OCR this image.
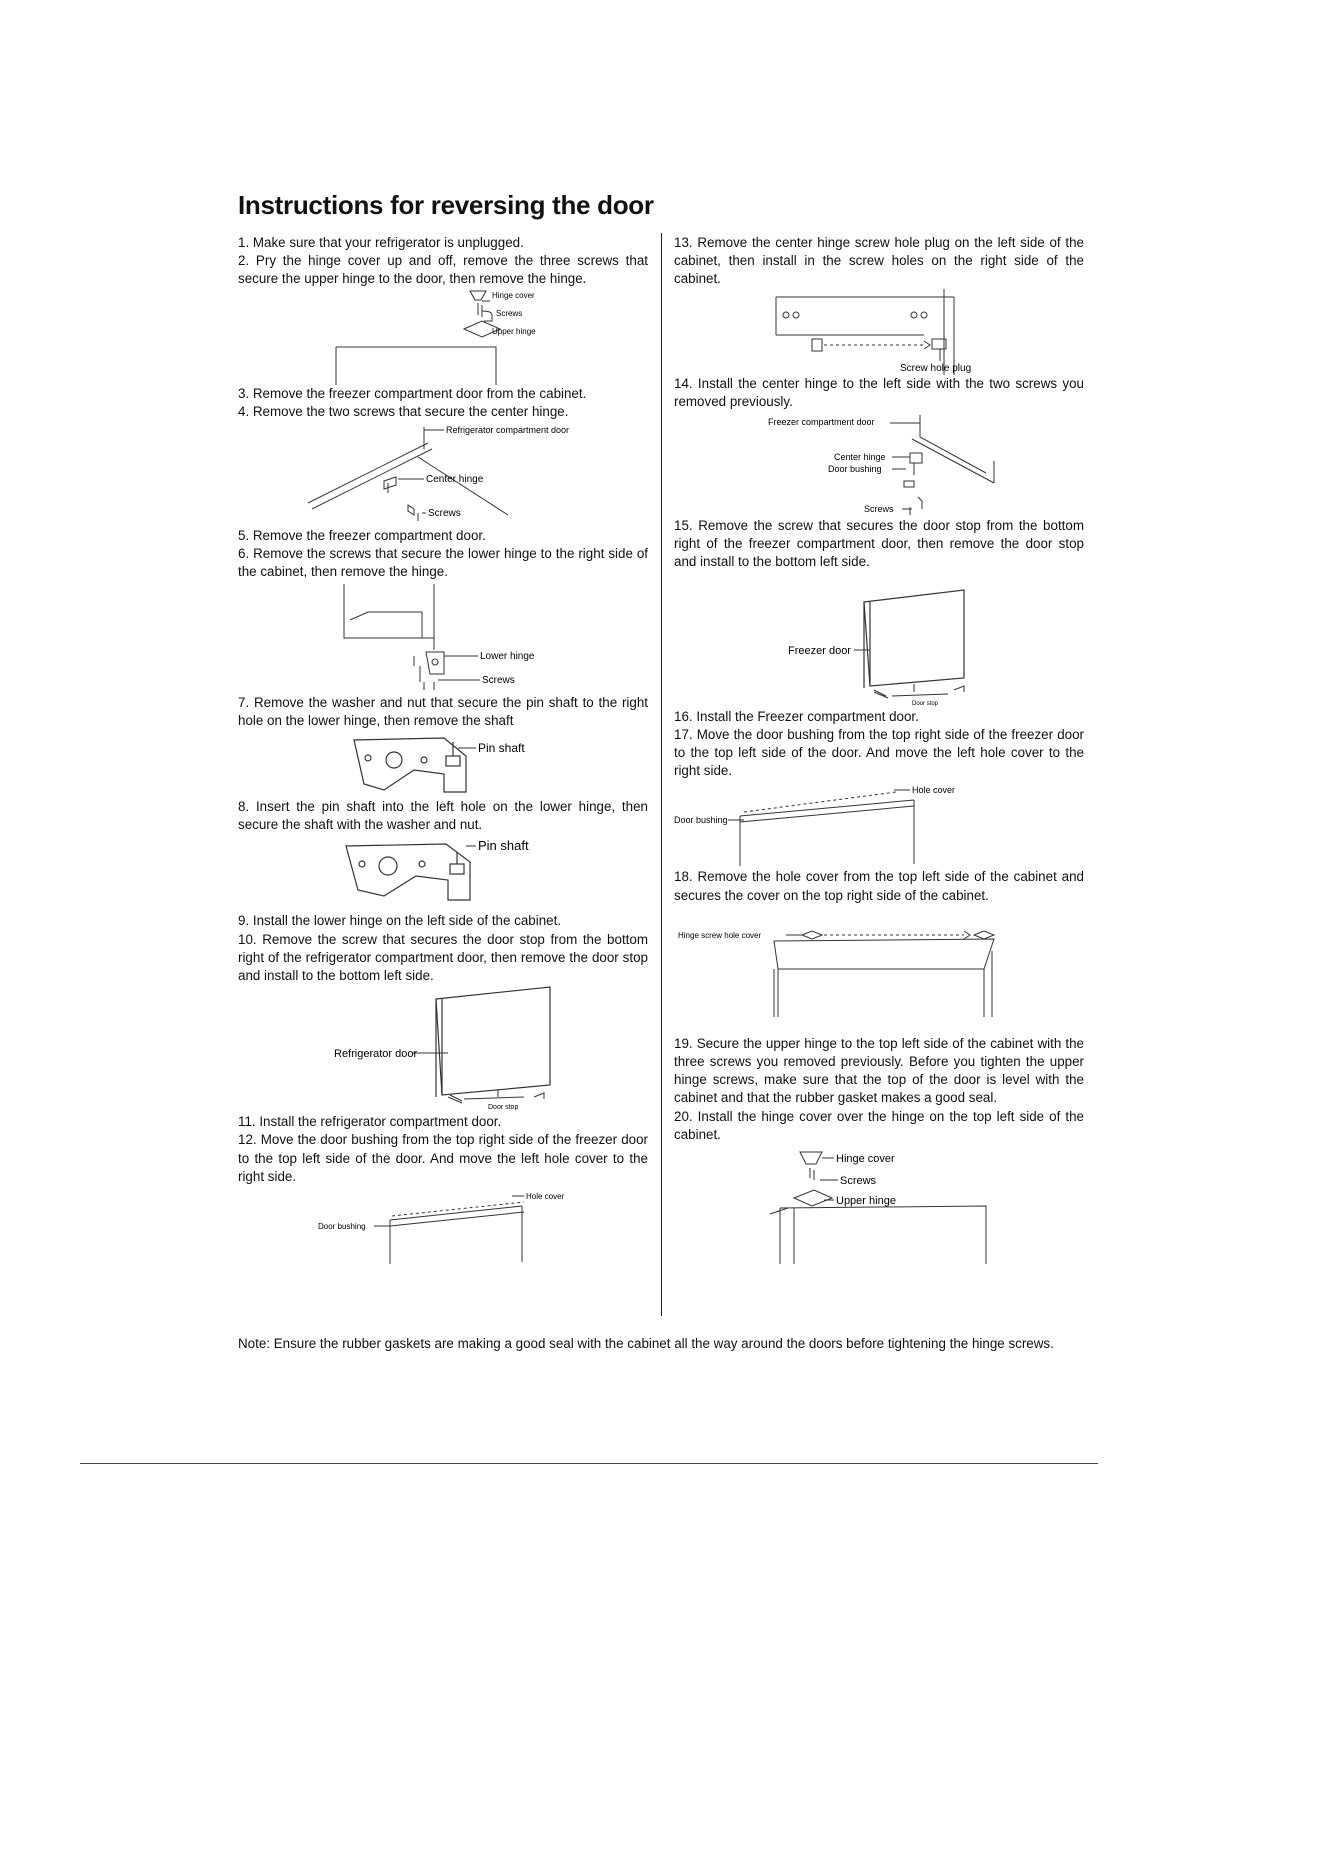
Instructions for reversing the door

1. Make sure that your refrigerator is unplugged.

2. Pry the hinge cover up and off, remove the three screws that secure the upper hinge to the door, then remove the hinge.

Hinge cover
Screws
Upper hinge

3. Remove the freezer compartment door from the cabinet.

4. Remove the two screws that secure the center hinge.

Refrigerator compartment door
Center hinge
Screws

5. Remove the freezer compartment door.

6. Remove the screws that secure the lower hinge to the right side of the cabinet, then remove the hinge.

Lower hinge
Screws

7. Remove the washer and nut that secure the pin shaft to the right hole on the lower hinge, then remove the shaft

Pin shaft

8. Insert the pin shaft into the left hole on the lower hinge, then secure the shaft with the washer and nut.

Pin shaft

9. Install the lower hinge on the left side of the cabinet.

10. Remove the screw that secures the door stop from the bottom right of the refrigerator compartment door, then remove the door stop and install to the bottom left side.

Refrigerator door
Door stop

11. Install the refrigerator compartment door.

12. Move the door bushing from the top right side of the freezer door to the top left side of the door. And move the left hole cover to the right side.

Hole cover
Door bushing

13. Remove the center hinge screw hole plug on the left side of the cabinet, then install in the screw holes on the right side of the cabinet.

Screw hole plug

14. Install the center hinge to the left side with the two screws you removed previously.

Freezer compartment door
Center hinge
Door bushing
Screws

15. Remove the screw that secures the door stop from the bottom right of the freezer compartment door, then remove the door stop and install to the bottom left side.

Freezer door
Door stop

16. Install the Freezer compartment door.

17. Move the door bushing from the top right side of the freezer door to the top left side of the door. And move the left hole cover to the right side.

Hole cover
Door bushing

18. Remove the hole cover from the top left side of the cabinet and secures the cover on the top right side of the cabinet.

Hinge screw hole cover

19. Secure the upper hinge to the top left side of the cabinet with the three screws you removed previously. Before you tighten the upper hinge screws, make sure that the top of the door is level with the cabinet and that the rubber gasket makes a good seal.

20. Install the hinge cover over the hinge on the top left side of the cabinet.

Hinge cover
Screws
Upper hinge
Note: Ensure the rubber gaskets are making a good seal with the cabinet all the way around the doors before tightening the hinge screws.
